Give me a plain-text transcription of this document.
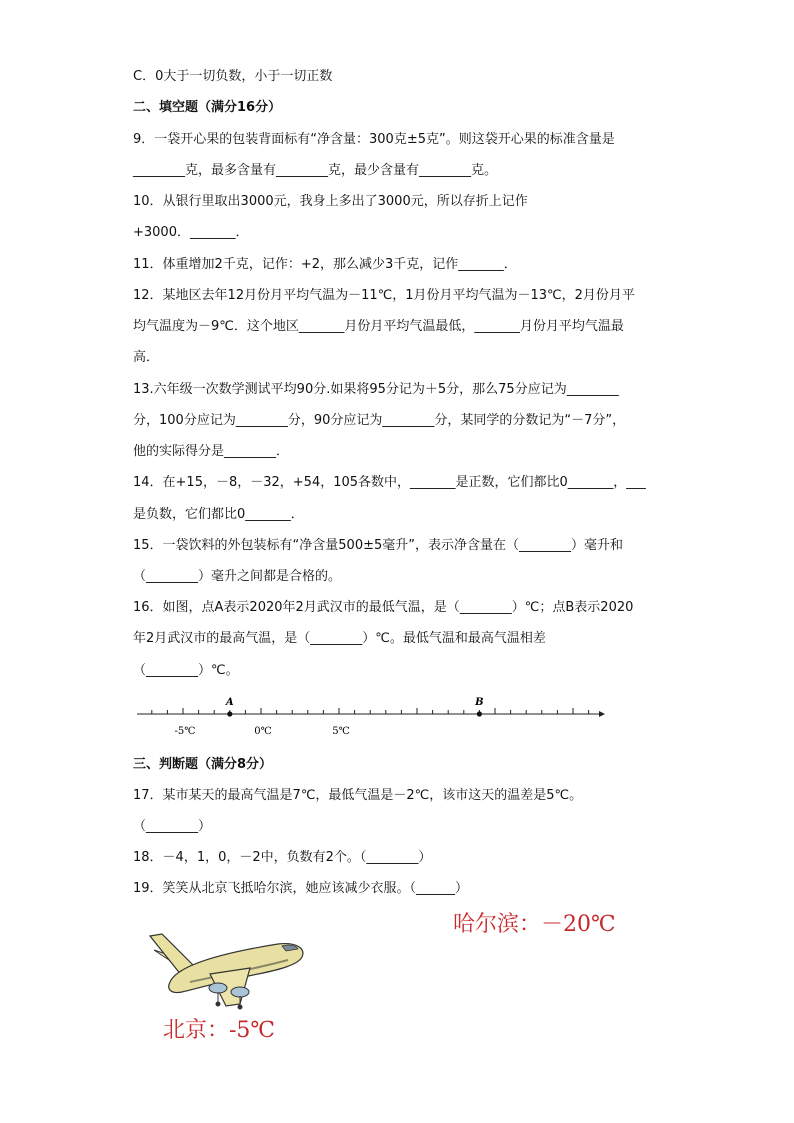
C．0大于一切负数，小于一切正数
二、填空题（满分16分）
9．一袋开心果的包装背面标有“净含量：300克±5克”。则这袋开心果的标准含量是
________克，最多含量有________克，最少含量有________克。
10．从银行里取出3000元，我身上多出了3000元，所以存折上记作
+3000．_______．
11．体重增加2千克，记作：+2，那么减少3千克，记作_______．
12．某地区去年12月份月平均气温为－11℃，1月份月平均气温为－13℃，2月份月平
均气温度为－9℃．这个地区_______月份月平均气温最低，_______月份月平均气温最
高．
13.六年级一次数学测试平均90分.如果将95分记为＋5分，那么75分应记为________
分，100分应记为________分，90分应记为________分，某同学的分数记为“－7分”，
他的实际得分是________．
14．在+15，－8，－32，+54，105各数中，_______是正数，它们都比0_______，___
是负数，它们都比0_______．
15．一袋饮料的外包装标有“净含量500±5毫升”，表示净含量在（________）毫升和
（________）毫升之间都是合格的。
16．如图，点A表示2020年2月武汉市的最低气温，是（________）℃；点B表示2020
年2月武汉市的最高气温，是（________）℃。最低气温和最高气温相差
（________）℃。
A	B
-5℃	0℃	5℃
三、判断题（满分8分）
17．某市某天的最高气温是7℃，最低气温是－2℃，该市这天的温差是5℃。
（________）
18．－4，1，0，－2中，负数有2个。（________）
19．笑笑从北京飞抵哈尔滨，她应该减少衣服。（______）
哈尔滨：－20℃
北京：-5℃
